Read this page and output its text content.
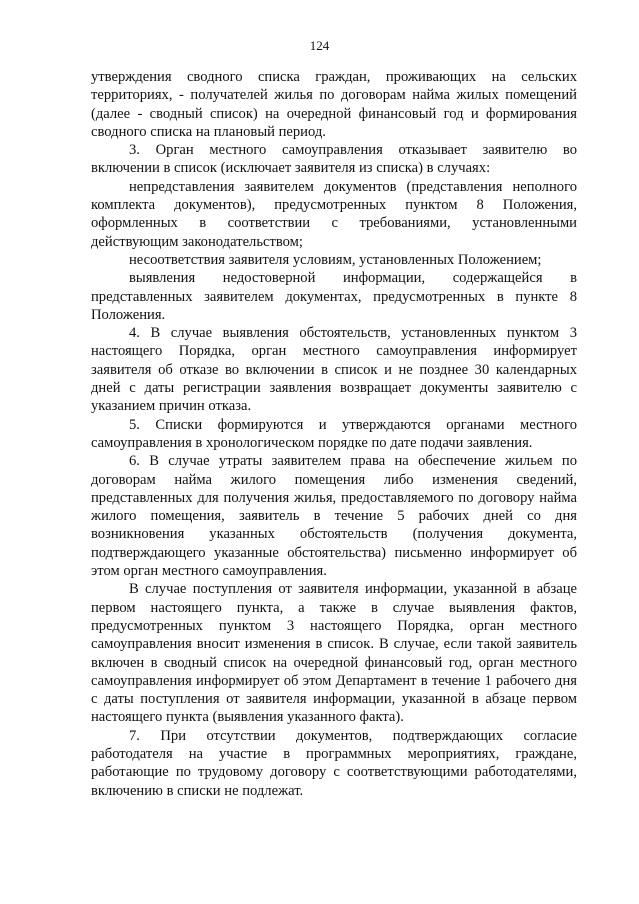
124

утверждения сводного списка граждан, проживающих на сельских территориях, - получателей жилья по договорам найма жилых помещений (далее - сводный список) на очередной финансовый год и формирования сводного списка на плановый период.

3. Орган местного самоуправления отказывает заявителю во включении в список (исключает заявителя из списка) в случаях:

непредставления заявителем документов (представления неполного комплекта документов), предусмотренных пунктом 8 Положения, оформленных в соответствии с требованиями, установленными действующим законодательством;

несоответствия заявителя условиям, установленных Положением;

выявления недостоверной информации, содержащейся в представленных заявителем документах, предусмотренных в пункте 8 Положения.

4. В случае выявления обстоятельств, установленных пунктом 3 настоящего Порядка, орган местного самоуправления информирует заявителя об отказе во включении в список и не позднее 30 календарных дней с даты регистрации заявления возвращает документы заявителю с указанием причин отказа.

5. Списки формируются и утверждаются органами местного самоуправления в хронологическом порядке по дате подачи заявления.

6. В случае утраты заявителем права на обеспечение жильем по договорам найма жилого помещения либо изменения сведений, представленных для получения жилья, предоставляемого по договору найма жилого помещения, заявитель в течение 5 рабочих дней со дня возникновения указанных обстоятельств (получения документа, подтверждающего указанные обстоятельства) письменно информирует об этом орган местного самоуправления.

В случае поступления от заявителя информации, указанной в абзаце первом настоящего пункта, а также в случае выявления фактов, предусмотренных пунктом 3 настоящего Порядка, орган местного самоуправления вносит изменения в список. В случае, если такой заявитель включен в сводный список на очередной финансовый год, орган местного самоуправления информирует об этом Департамент в течение 1 рабочего дня с даты поступления от заявителя информации, указанной в абзаце первом настоящего пункта (выявления указанного факта).

7. При отсутствии документов, подтверждающих согласие работодателя на участие в программных мероприятиях, граждане, работающие по трудовому договору с соответствующими работодателями, включению в списки не подлежат.
